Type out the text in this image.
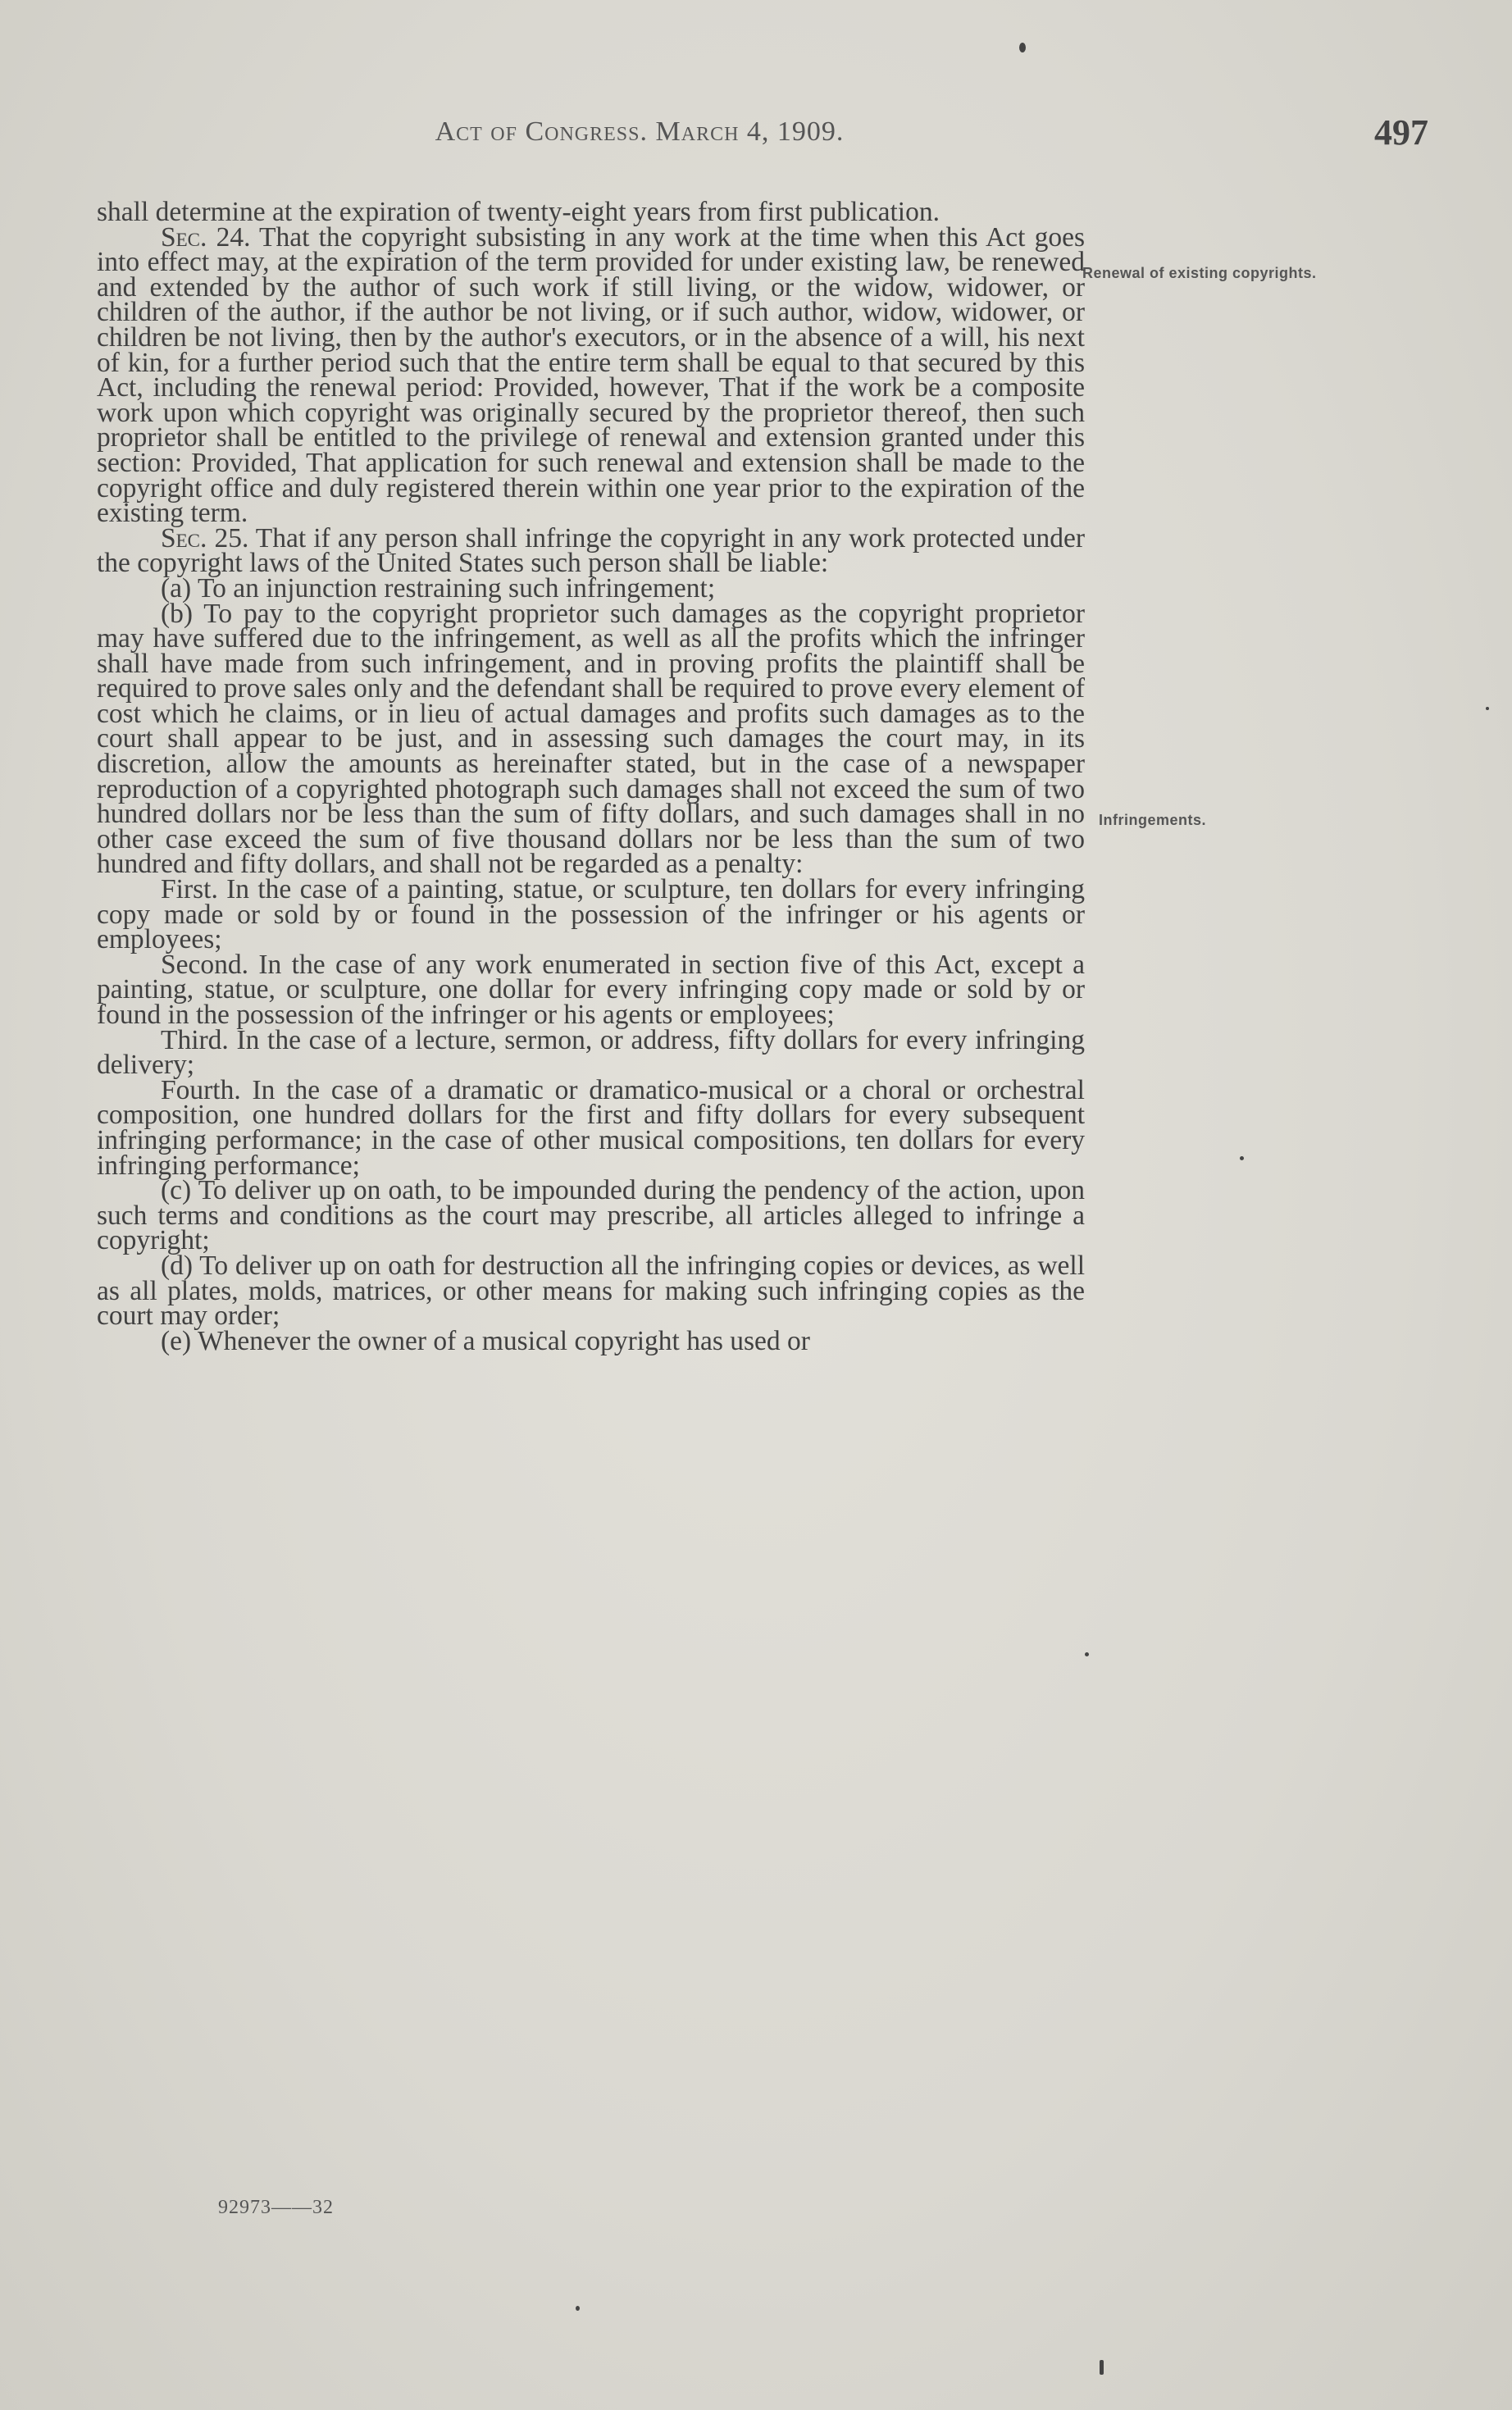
Act of Congress. March 4, 1909.	497
Renewal of existing copyrights.
Infringements.

shall determine at the expiration of twenty-eight years from first publication.

Sec. 24. That the copyright subsisting in any work at the time when this Act goes into effect may, at the expiration of the term provided for under existing law, be renewed and extended by the author of such work if still living, or the widow, widower, or children of the author, if the author be not living, or if such author, widow, widower, or children be not living, then by the author's executors, or in the absence of a will, his next of kin, for a further period such that the entire term shall be equal to that secured by this Act, including the renewal period: Provided, however, That if the work be a composite work upon which copyright was originally secured by the proprietor thereof, then such proprietor shall be entitled to the privilege of renewal and extension granted under this section: Provided, That application for such renewal and extension shall be made to the copyright office and duly registered therein within one year prior to the expiration of the existing term.

Sec. 25. That if any person shall infringe the copyright in any work protected under the copyright laws of the United States such person shall be liable:

(a) To an injunction restraining such infringement;

(b) To pay to the copyright proprietor such damages as the copyright proprietor may have suffered due to the infringement, as well as all the profits which the infringer shall have made from such infringement, and in proving profits the plaintiff shall be required to prove sales only and the defendant shall be required to prove every element of cost which he claims, or in lieu of actual damages and profits such damages as to the court shall appear to be just, and in assessing such damages the court may, in its discretion, allow the amounts as hereinafter stated, but in the case of a newspaper reproduction of a copyrighted photograph such damages shall not exceed the sum of two hundred dollars nor be less than the sum of fifty dollars, and such damages shall in no other case exceed the sum of five thousand dollars nor be less than the sum of two hundred and fifty dollars, and shall not be regarded as a penalty:

First. In the case of a painting, statue, or sculpture, ten dollars for every infringing copy made or sold by or found in the possession of the infringer or his agents or employees;

Second. In the case of any work enumerated in section five of this Act, except a painting, statue, or sculpture, one dollar for every infringing copy made or sold by or found in the possession of the infringer or his agents or employees;

Third. In the case of a lecture, sermon, or address, fifty dollars for every infringing delivery;

Fourth. In the case of a dramatic or dramatico-musical or a choral or orchestral composition, one hundred dollars for the first and fifty dollars for every subsequent infringing performance; in the case of other musical compositions, ten dollars for every infringing performance;

(c) To deliver up on oath, to be impounded during the pendency of the action, upon such terms and conditions as the court may prescribe, all articles alleged to infringe a copyright;

(d) To deliver up on oath for destruction all the infringing copies or devices, as well as all plates, molds, matrices, or other means for making such infringing copies as the court may order;

(e) Whenever the owner of a musical copyright has used or

92973——32
